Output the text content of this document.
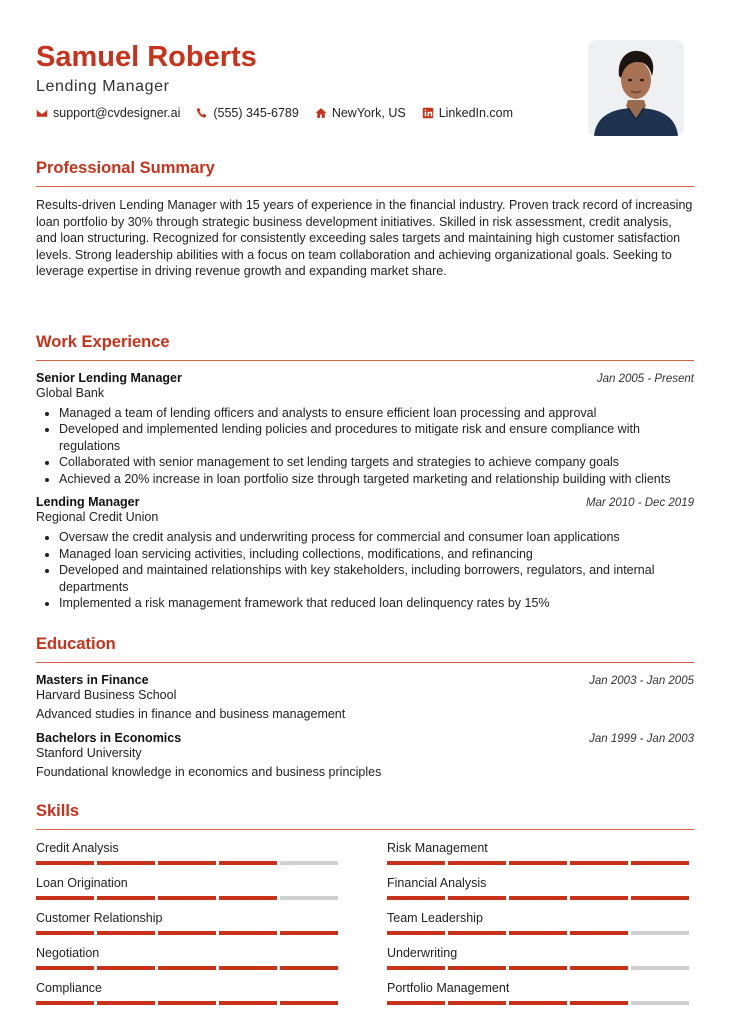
Samuel Roberts
Lending Manager
support@cvdesigner.ai	(555) 345-6789	NewYork, US	LinkedIn.com
Professional Summary

Results-driven Lending Manager with 15 years of experience in the financial industry. Proven track record of increasing loan portfolio by 30% through strategic business development initiatives. Skilled in risk assessment, credit analysis, and loan structuring. Recognized for consistently exceeding sales targets and maintaining high customer satisfaction levels. Strong leadership abilities with a focus on team collaboration and achieving organizational goals. Seeking to leverage expertise in driving revenue growth and expanding market share.

Work Experience
Senior Lending Manager	Jan 2005 - Present
Global Bank
• Managed a team of lending officers and analysts to ensure efficient loan processing and approval
• Developed and implemented lending policies and procedures to mitigate risk and ensure compliance with regulations
• Collaborated with senior management to set lending targets and strategies to achieve company goals
• Achieved a 20% increase in loan portfolio size through targeted marketing and relationship building with clients
Lending Manager	Mar 2010 - Dec 2019
Regional Credit Union
• Oversaw the credit analysis and underwriting process for commercial and consumer loan applications
• Managed loan servicing activities, including collections, modifications, and refinancing
• Developed and maintained relationships with key stakeholders, including borrowers, regulators, and internal departments
• Implemented a risk management framework that reduced loan delinquency rates by 15%
Education
Masters in Finance	Jan 2003 - Jan 2005
Harvard Business School
Advanced studies in finance and business management
Bachelors in Economics	Jan 1999 - Jan 2003
Stanford University
Foundational knowledge in economics and business principles
Skills
Credit Analysis	Risk Management
Loan Origination	Financial Analysis
Customer Relationship	Team Leadership
Negotiation	Underwriting
Compliance	Portfolio Management
